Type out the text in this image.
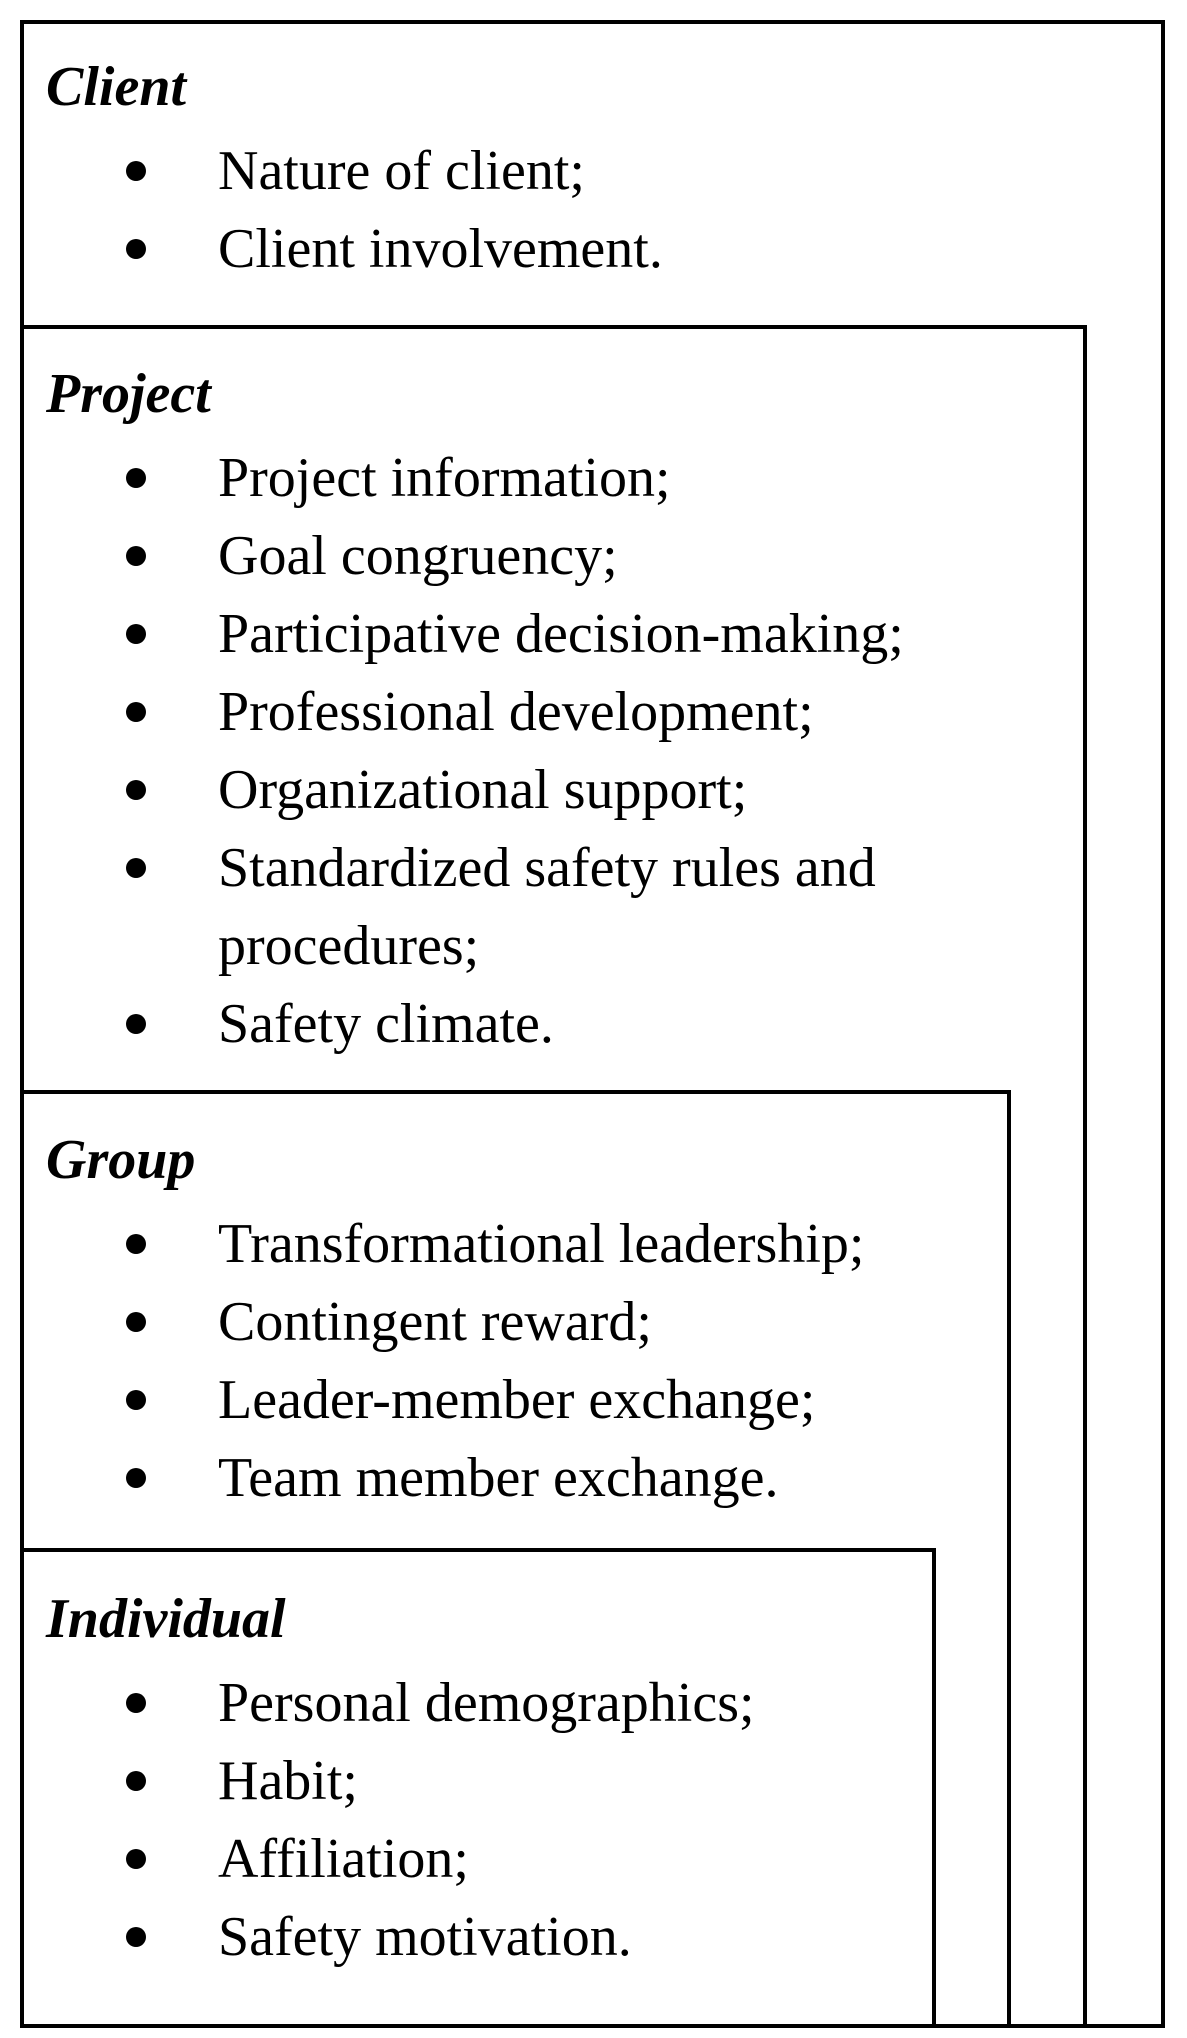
Client
Nature of client;
Client involvement.
Project
Project information;
Goal congruency;
Participative decision-making;
Professional development;
Organizational support;
Standardized safety rules and
procedures;
Safety climate.
Group
Transformational leadership;
Contingent reward;
Leader-member exchange;
Team member exchange.
Individual
Personal demographics;
Habit;
Affiliation;
Safety motivation.
